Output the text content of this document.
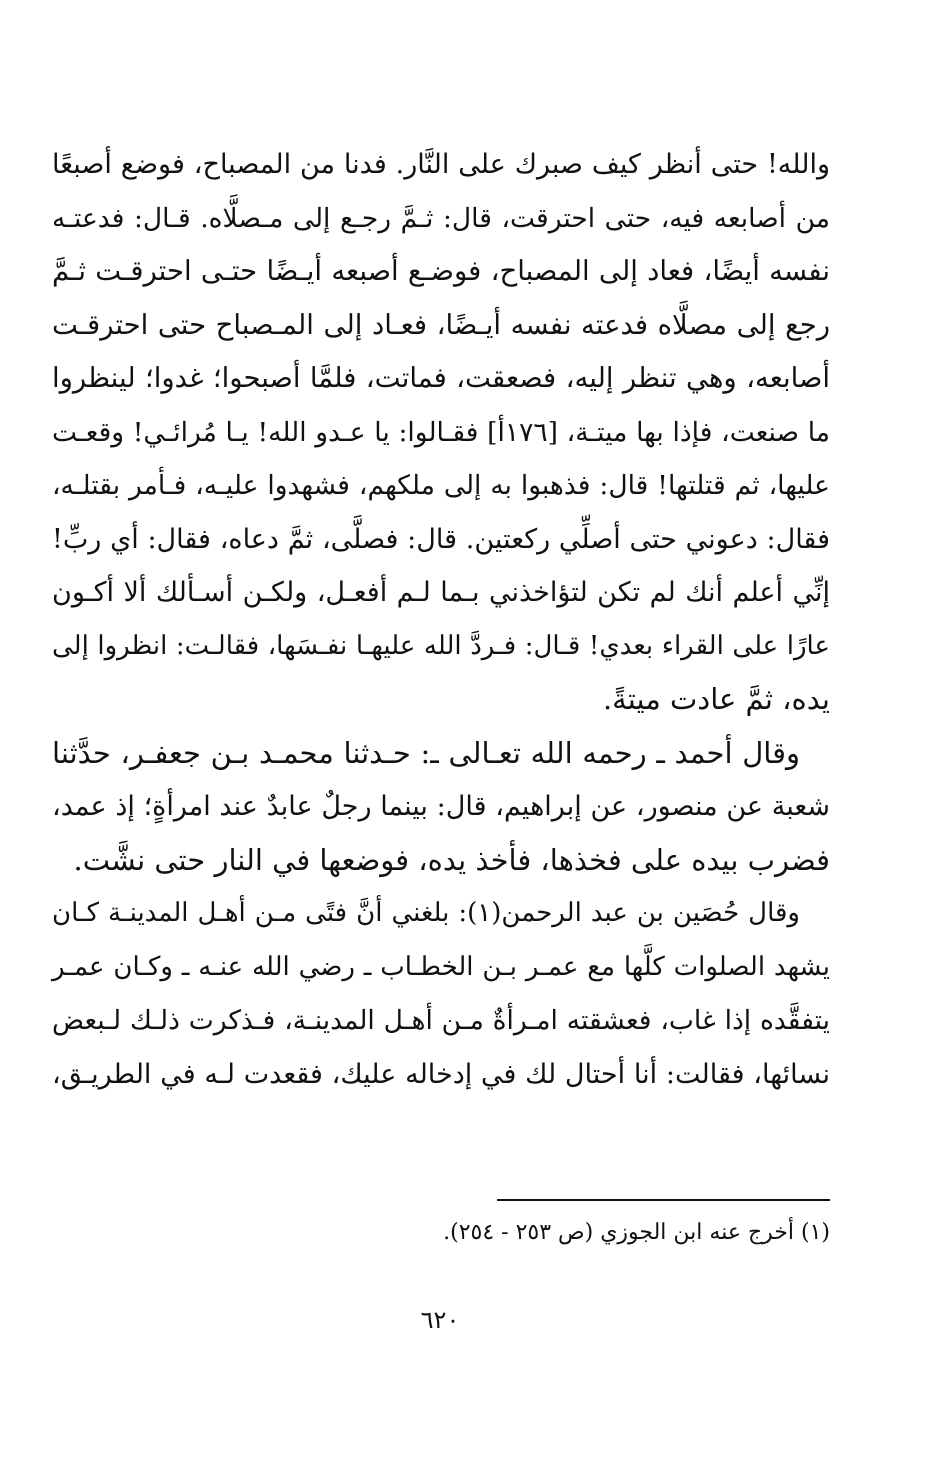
والله! حتى أنظر كيف صبرك على النَّار. فدنا من المصباح، فوضع أصبعًا
من أصابعه فيه، حتى احترقت، قال: ثـمَّ رجـع إلى مـصلَّاه. قـال: فدعتـه
نفسه أيضًا، فعاد إلى المصباح، فوضـع أصبعه أيـضًا حتـى احترقـت ثـمَّ
رجع إلى مصلَّاه فدعته نفسه أيـضًا، فعـاد إلى المـصباح حتى احترقـت
أصابعه، وهي تنظر إليه، فصعقت، فماتت، فلمَّا أصبحوا؛ غدوا؛ لينظروا
ما صنعت، فإذا بها ميتـة، [١٧٦أ] فقـالوا: يا عـدو الله! يـا مُرائـي! وقعـت
عليها، ثم قتلتها! قال: فذهبوا به إلى ملكهم، فشهدوا عليـه، فـأمر بقتلـه،
فقال: دعوني حتى أصلِّي ركعتين. قال: فصلَّى، ثمَّ دعاه، فقال: أي ربِّ!
إنِّي أعلم أنك لم تكن لتؤاخذني بـما لـم أفعـل، ولكـن أسـألك ألا أكـون
عارًا على القراء بعدي! قـال: فـردَّ الله عليهـا نفـسَها، فقالـت: انظروا إلى
يده، ثمَّ عادت ميتةً.
وقال أحمد ـ رحمه الله تعـالى ـ: حـدثنا محمـد بـن جعفـر، حدَّثنا
شعبة عن منصور، عن إبراهيم، قال: بينما رجلٌ عابدٌ عند امرأةٍ؛ إذ عمد،
فضرب بيده على فخذها، فأخذ يده، فوضعها في النار حتى نشَّت.
وقال حُصَين بن عبد الرحمن(١): بلغني أنَّ فتًى مـن أهـل المدينـة كـان
يشهد الصلوات كلَّها مع عمـر بـن الخطـاب ـ رضي الله عنـه ـ وكـان عمـر
يتفقَّده إذا غاب، فعشقته امـرأةٌ مـن أهـل المدينـة، فـذكرت ذلـك لـبعض
نسائها، فقالت: أنا أحتال لك في إدخاله عليك، فقعدت لـه في الطريـق،
(١) أخرج عنه ابن الجوزي (ص ٢٥٣ - ٢٥٤).
٦٢٠
